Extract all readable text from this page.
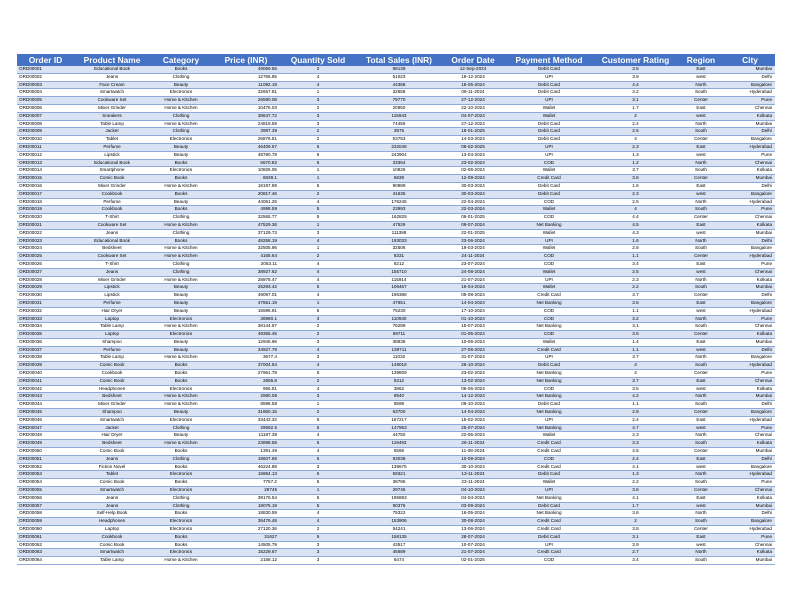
Order ID	Product Name	Category	Price (INR)	Quantity Sold	Total Sales (INR)	Order Date	Payment Method	Customer Rating	Region	City
ORD00001	Educational Book	Books	49069.56	2	98139	12-Sep-2024	Debit Card	3.5	East	Mumbai
ORD00002	Jeans	Clothing	12755.85	4	51023	18-12-2024	UPI	3.9	west	Delhi
ORD00003	Face Cream	Beauty	11092.19	4	44368	18-05-2024	Debit Card	4.4	North	Bangalore
ORD00004	Smartwatch	Electronics	32657.81	1	32658	08-11-2024	Debit Card	3.2	South	Hyderabad
ORD00005	Cookware Set	Home & Kitchen	26590.08	3	79770	27-12-2024	UPI	3.1	Center	Pune
ORD00006	Mixer Grinder	Home & Kitchen	10475.03	2	20950	22-10-2024	Wallet	1.7	East	Chennai
ORD00007	Sneakers	Clothing	38647.72	3	115943	04-07-2024	Wallet	2	west	Kolkata
ORD00008	Table Lamp	Home & Kitchen	24818.59	3	74456	27-12-2024	Debit Card	2.4	North	Mumbai
ORD00009	Jacket	Clothing	3987.39	2	3975	18-01-2025	Debit Card	2.6	South	Delhi
ORD00010	Tablet	Electronics	26876.51	2	53753	14-03-2024	Debit Card	4	Center	Bangalore
ORD00011	Perfume	Beauty	46409.57	5	232048	08-02-2025	UPI	2.3	East	Hyderabad
ORD00012	Lipstick	Beauty	48780.78	5	243904	13-04-2024	UPI	1.3	west	Pune
ORD00013	Educational Book	Books	6670.82	5	33354	23-02-2024	COD	1.2	North	Chennai
ORD00014	Smartphone	Electronics	10826.05	1	10826	02-06-2024	Wallet	3.7	South	Kolkata
ORD00015	Comic Book	Books	6839.1	1	6839	12-09-2024	Credit Card	3.6	Center	Mumbai
ORD00016	Mixer Grinder	Home & Kitchen	18197.89	5	90989	30-03-2024	Debit Card	1.6	East	Delhi
ORD00017	Cookbook	Books	20817.46	2	41635	30-03-2024	Debit Card	2.3	west	Bangalore
ORD00018	Perfume	Beauty	44061.25	4	176245	22-04-2024	COD	2.5	North	Hyderabad
ORD00019	Cookbook	Books	4998.59	5	23993	22-03-2024	Wallet	4	South	Pune
ORD00020	T-Shirt	Clothing	32565.77	5	162829	06-01-2025	COD	4.4	Center	Chennai
ORD00021	Cookware Set	Home & Kitchen	47529.36	1	47529	09-07-2024	Net Banking	4.5	East	Kolkata
ORD00022	Jeans	Clothing	37129.73	3	111389	22-01-2025	Wallet	4.3	west	Mumbai
ORD00023	Educational Book	Books	48258.19	4	193033	23-06-2024	UPI	1.6	North	Delhi
ORD00024	Bedsheet	Home & Kitchen	32505.96	1	32506	19-03-2024	Wallet	2.8	South	Bangalore
ORD00025	Cookware Set	Home & Kitchen	4165.64	2	8331	24-11-2024	COD	1.1	Center	Hyderabad
ORD00026	T-Shirt	Clothing	2053.11	4	8212	23-07-2024	COD	3.4	East	Pune
ORD00027	Jeans	Clothing	38927.62	4	155710	24-08-2024	Wallet	2.5	west	Chennai
ORD00028	Mixer Grinder	Home & Kitchen	28978.47	4	115914	21-07-2024	UPI	2.3	North	Kolkata
ORD00029	Lipstick	Beauty	25293.42	5	106467	16-04-2024	Wallet	2.2	South	Mumbai
ORD00030	Lipstick	Beauty	49097.01	4	196388	05-08-2024	Credit Card	3.7	Center	Delhi
ORD00031	Perfume	Beauty	47651.19	1	47651	14-04-2024	Net Banking	3.6	East	Bangalore
ORD00032	Hair Dryer	Beauty	15596.91	5	75230	17-10-2024	COD	1.1	west	Hyderabad
ORD00033	Laptop	Electronics	36980.1	3	110940	01-10-2024	COD	3.2	North	Pune
ORD00034	Table Lamp	Home & Kitchen	38144.67	2	76289	15-07-2024	Net Banking	3.1	South	Chennai
ORD00035	Laptop	Electronics	49355.45	2	98711	01-05-2024	COD	3.5	Center	Kolkata
ORD00036	Shampoo	Beauty	12945.96	3	38838	10-06-2024	Wallet	1.4	East	Mumbai
ORD00037	Perfume	Beauty	34927.79	4	139711	27-06-2024	Credit Card	1.1	west	Delhi
ORD00038	Table Lamp	Home & Kitchen	3677.4	3	11032	31-07-2024	UPI	3.7	North	Bangalore
ORD00039	Comic Book	Books	37004.54	4	148018	26-10-2024	Debit Card	4	South	Hyderabad
ORD00040	Cookbook	Books	27961.78	5	139809	23-02-2024	Net Banking	4	Center	Pune
ORD00041	Comic Book	Books	2655.8	2	5312	13-02-2024	Net Banking	3.7	East	Chennai
ORD00042	Headphones	Electronics	965.51	4	3862	06-06-2024	COD	3.5	west	Kolkata
ORD00043	Bedsheet	Home & Kitchen	2980.08	3	8940	14-12-2024	Net Banking	4.2	North	Mumbai
ORD00044	Mixer Grinder	Home & Kitchen	8598.58	1	8599	09-10-2024	Debit Card	1.1	South	Delhi
ORD00045	Shampoo	Beauty	31850.15	2	63700	14-04-2024	Net Banking	2.8	Center	Bangalore
ORD00046	Smartwatch	Electronics	33443.32	5	167217	15-02-2024	UPI	2.4	East	Hyderabad
ORD00047	Jacket	Clothing	29592.5	5	147963	25-07-2024	Net Banking	4.7	west	Pune
ORD00048	Hair Dryer	Beauty	11187.38	4	44750	22-06-2024	Wallet	2.3	North	Chennai
ORD00049	Bedsheet	Home & Kitchen	23898.58	5	119493	28-11-2024	Credit Card	3.3	South	Kolkata
ORD00050	Comic Book	Books	1391.49	4	5566	11-08-2024	Credit Card	4.5	Center	Mumbai
ORD00051	Jeans	Clothing	18607.69	5	93038	10-09-2024	COD	2.4	East	Delhi
ORD00052	Fiction Novel	Books	46224.88	3	138675	30-10-2024	Credit Card	4.1	west	Bangalore
ORD00053	Tablet	Electronics	15864.13	5	59321	13-11-2024	Debit Card	1.3	North	Hyderabad
ORD00054	Comic Book	Books	7757.2	5	38786	23-11-2024	Wallet	2.2	South	Pune
ORD00055	Smartwatch	Electronics	29745	1	29745	04-10-2024	UPI	3.6	Center	Chennai
ORD00056	Jeans	Clothing	39176.54	5	195883	04-04-2024	Net Banking	4.1	East	Kolkata
ORD00057	Jeans	Clothing	18075.19	5	90376	03-09-2024	Debit Card	1.7	west	Mumbai
ORD00058	Self-Help Book	Books	18830.59	4	75322	16-05-2024	Net Banking	3.6	North	Delhi
ORD00059	Headphones	Electronics	38476.48	4	153906	30-08-2024	Credit Card	2	South	Bangalore
ORD00060	Laptop	Electronics	27120.36	2	54241	13-06-2024	Credit Card	3.8	Center	Hyderabad
ORD00061	Cookbook	Books	31627	5	158135	28-07-2024	Debit Card	3.1	East	Pune
ORD00062	Comic Book	Books	14505.79	3	43517	10-07-2024	UPI	3.9	west	Chennai
ORD00063	Smartwatch	Electronics	15229.67	3	45689	21-07-2024	Credit Card	2.7	North	Kolkata
ORD00064	Table Lamp	Home & Kitchen	2158.12	3	6474	02-01-2025	COD	3.4	South	Mumbai
